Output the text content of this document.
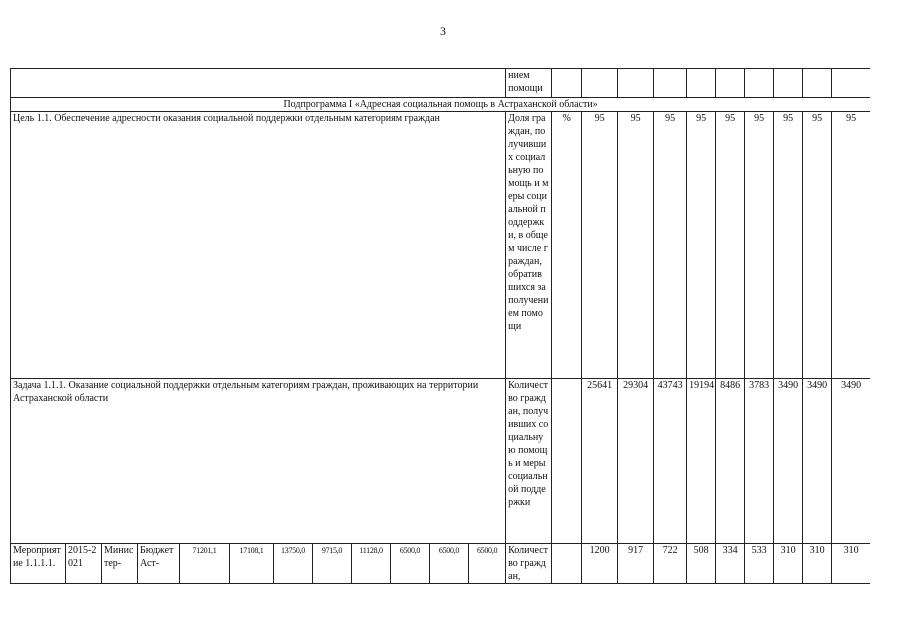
3
												нием помощи										
Подпрограмма I «Адресная социальная помощь в Астраханской области»																						
Цель 1.1. Обеспечение адресности оказания социальной поддержки отдельным категориям граждан												Доля граждан, получивших социальную помощь и меры социальной поддержки, в общем числе граждан, обратившихся за получением помощи	%	95	95	95	95	95	95	95	95	95
Задача 1.1.1. Оказание социальной поддержки отдельным категориям граждан, проживающих на территории Астраханской области												Количество граждан, получивших социальную помощь и меры социальной поддержки		25641	29304	43743	19194	8486	3783	3490	3490	3490
Мероприятие 1.1.1.1.	2015-2021	Министер-	Бюджет Аст-	71201,1	17108,1	13750,0	9715,0	11128,0	6500,0	6500,0	6500,0	Количество граждан,		1200	917	722	508	334	533	310	310	310
